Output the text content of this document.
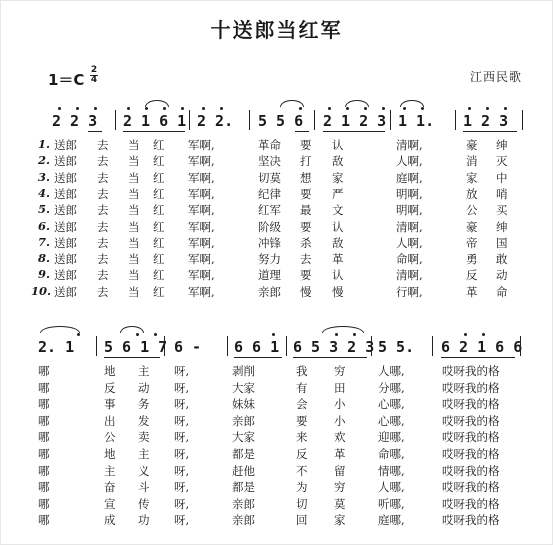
十送郎当红军
1＝C
2
4	江西民歌
2 2 3 2 1 6 1 2 2. 5 5 6 2 1 2 3 1 1. 1 2 3
1. 送郎 去 当 红 军啊,	革命 要 认	清啊,	豪 绅
2. 送郎 去 当 红 军啊,	坚决 打 敌	人啊,	消 灭
3. 送郎 去 当 红 军啊,	切莫 想 家	庭啊,	家 中
4. 送郎 去 当 红 军啊,	纪律 要 严	明啊,	放 哨
5. 送郎 去 当 红 军啊,	红军 最 文	明啊,	公 买
6. 送郎 去 当 红 军啊,	阶级 要 认	清啊,	豪 绅
7. 送郎 去 当 红 军啊,	冲锋 杀 敌	人啊,	帝 国
8. 送郎 去 当 红 军啊,	努力 去 革	命啊,	勇 敢
9. 送郎 去 当 红 军啊,	道理 要 认	清啊,	反 动
10. 送郎 去 当 红 军啊,	亲郎 慢 慢	行啊,	革 命
2. 1 5 6 1 7 6 - 6 6 1 6 5 3 2 3 5 5. 6 2 1 6 6
哪	地 主 呀,	剥削	我 穷	人哪,	哎呀我的格
哪	反 动 呀,	大家	有 田	分哪,	哎呀我的格
哪	事 务 呀,	妹妹	会 小	心哪,	哎呀我的格
哪	出 发 呀,	亲郎	要 小	心哪,	哎呀我的格
哪	公 卖 呀,	大家	来 欢	迎哪,	哎呀我的格
哪	地 主 呀,	都是	反 革	命哪,	哎呀我的格
哪	主 义 呀,	赶他	不 留	情哪,	哎呀我的格
哪	奋 斗 呀,	都是	为 穷	人哪,	哎呀我的格
哪	宣 传 呀,	亲郎	切 莫	听哪,	哎呀我的格
哪	成 功 呀,	亲郎	回 家	庭哪,	哎呀我的格
